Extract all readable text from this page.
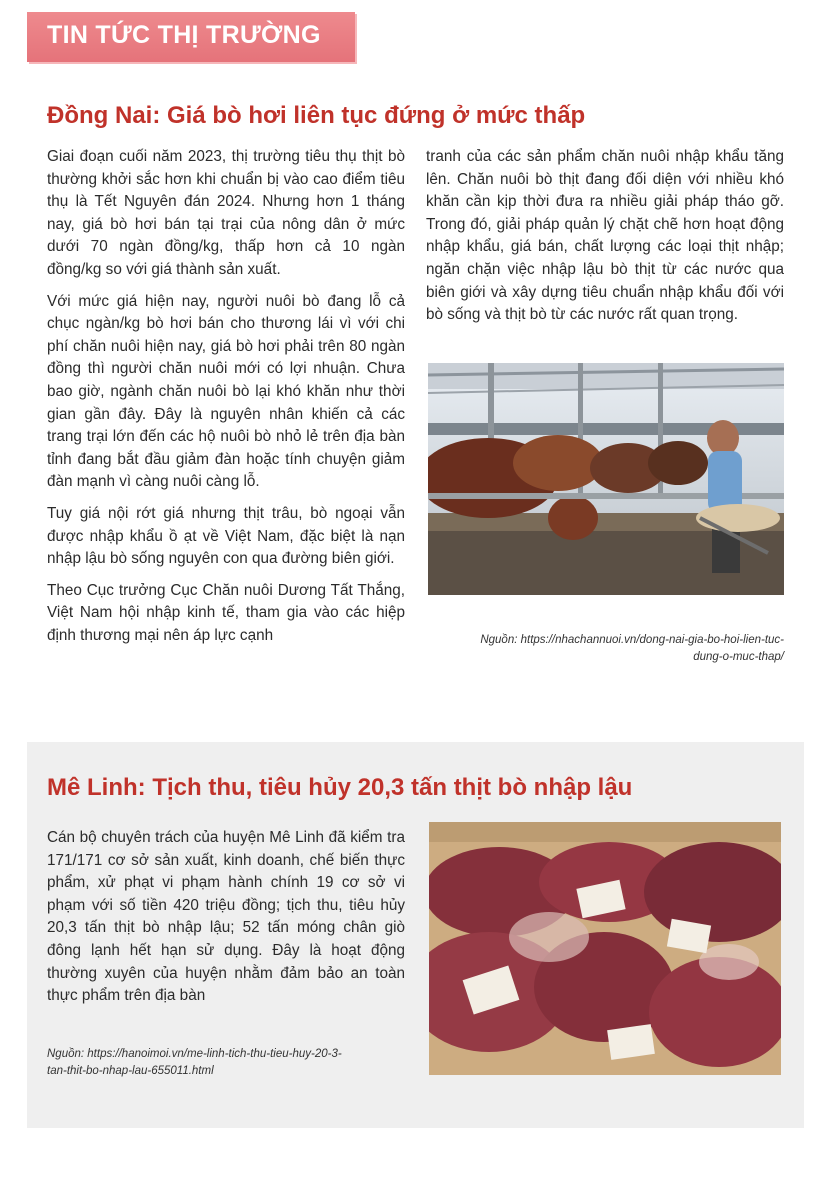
TIN TỨC THỊ TRƯỜNG
Đồng Nai: Giá bò hơi liên tục đứng ở mức thấp

Giai đoạn cuối năm 2023, thị trường tiêu thụ thịt bò thường khởi sắc hơn khi chuẩn bị vào cao điểm tiêu thụ là Tết Nguyên đán 2024. Nhưng hơn 1 tháng nay, giá bò hơi bán tại trại của nông dân ở mức dưới 70 ngàn đồng/kg, thấp hơn cả 10 ngàn đồng/kg so với giá thành sản xuất.

Với mức giá hiện nay, người nuôi bò đang lỗ cả chục ngàn/kg bò hơi bán cho thương lái vì với chi phí chăn nuôi hiện nay, giá bò hơi phải trên 80 ngàn đồng thì người chăn nuôi mới có lợi nhuận. Chưa bao giờ, ngành chăn nuôi bò lại khó khăn như thời gian gần đây. Đây là nguyên nhân khiến cả các trang trại lớn đến các hộ nuôi bò nhỏ lẻ trên địa bàn tỉnh đang bắt đầu giảm đàn hoặc tính chuyện giảm đàn mạnh vì càng nuôi càng lỗ.

Tuy giá nội rớt giá nhưng thịt trâu, bò ngoại vẫn được nhập khẩu ồ ạt về Việt Nam, đặc biệt là nạn nhập lậu bò sống nguyên con qua đường biên giới.

Theo Cục trưởng Cục Chăn nuôi Dương Tất Thắng, Việt Nam hội nhập kinh tế, tham gia vào các hiệp định thương mại nên áp lực cạnh

tranh của các sản phẩm chăn nuôi nhập khẩu tăng lên. Chăn nuôi bò thịt đang đối diện với nhiều khó khăn cần kịp thời đưa ra nhiều giải pháp tháo gỡ. Trong đó, giải pháp quản lý chặt chẽ hơn hoạt động nhập khẩu, giá bán, chất lượng các loại thịt nhập; ngăn chặn việc nhập lậu bò thịt từ các nước qua biên giới và xây dựng tiêu chuẩn nhập khẩu đối với bò sống và thịt bò từ các nước rất quan trọng.

Nguồn: https://nhachannuoi.vn/dong-nai-gia-bo-hoi-lien-tuc-
dung-o-muc-thap/
Mê Linh: Tịch thu, tiêu hủy 20,3 tấn thịt bò nhập lậu

Cán bộ chuyên trách của huyện Mê Linh đã kiểm tra 171/171 cơ sở sản xuất, kinh doanh, chế biến thực phẩm, xử phạt vi phạm hành chính 19 cơ sở vi phạm với số tiền 420 triệu đồng; tịch thu, tiêu hủy 20,3 tấn thịt bò nhập lậu; 52 tấn móng chân giò đông lạnh hết hạn sử dụng. Đây là hoạt động thường xuyên của huyện nhằm đảm bảo an toàn thực phẩm trên địa bàn

Nguồn: https://hanoimoi.vn/me-linh-tich-thu-tieu-huy-20-3-
tan-thit-bo-nhap-lau-655011.html
